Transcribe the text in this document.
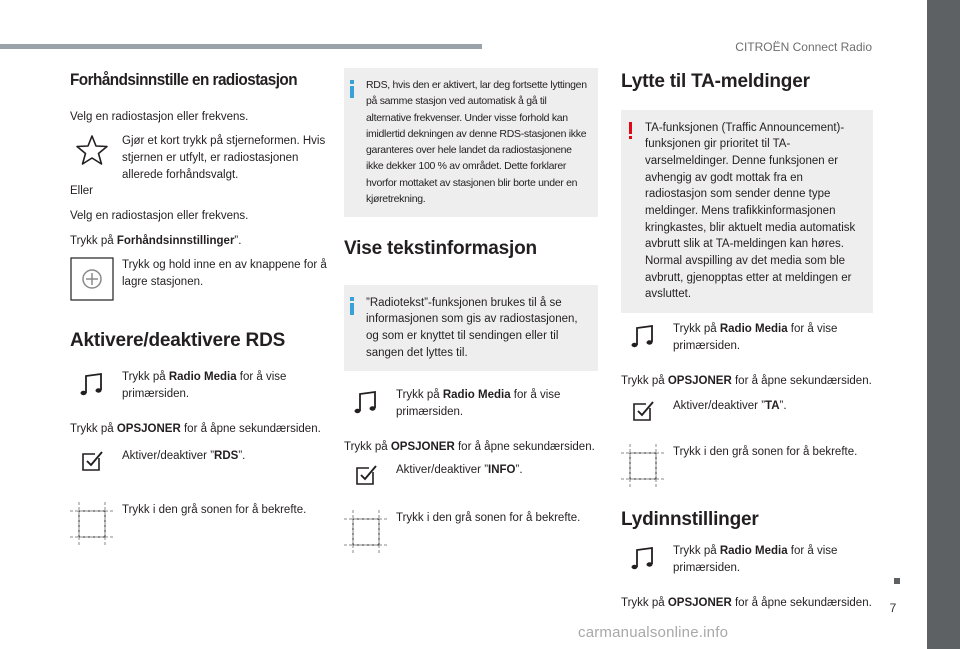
CITROËN Connect Radio
7
carmanualsonline.info
Forhåndsinnstille en radiostasjon
Velg en radiostasjon eller frekvens.
Gjør et kort trykk på stjerneformen. Hvis stjernen er utfylt, er radiostasjonen allerede forhåndsvalgt.
Eller
Velg en radiostasjon eller frekvens.
Trykk på Forhåndsinnstillinger”.
Trykk og hold inne en av knappene for å lagre stasjonen.
Aktivere/deaktivere RDS
Trykk på Radio Media for å vise primærsiden.
Trykk på OPSJONER for å åpne sekundærsiden.
Aktiver/deaktiver ”RDS”.
Trykk i den grå sonen for å bekrefte.
RDS, hvis den er aktivert, lar deg fortsette lyttingen på samme stasjon ved automatisk å gå til alternative frekvenser. Under visse forhold kan imidlertid dekningen av denne RDS-stasjonen ikke garanteres over hele landet da radiostasjonene ikke dekker 100 % av området. Dette forklarer hvorfor mottaket av stasjonen blir borte under en kjøretrekning.
Vise tekstinformasjon
”Radiotekst”-funksjonen brukes til å se informasjonen som gis av radiostasjonen, og som er knyttet til sendingen eller til sangen det lyttes til.
Trykk på Radio Media for å vise primærsiden.
Trykk på OPSJONER for å åpne sekundærsiden.
Aktiver/deaktiver ”INFO”.
Trykk i den grå sonen for å bekrefte.
Lytte til TA-meldinger
TA-funksjonen (Traffic Announcement)-funksjonen gir prioritet til TA-varselmeldinger. Denne funksjonen er avhengig av godt mottak fra en radiostasjon som sender denne type meldinger. Mens trafikkinformasjonen kringkastes, blir aktuelt media automatisk avbrutt slik at TA-meldingen kan høres. Normal avspilling av det media som ble avbrutt, gjenopptas etter at meldingen er avsluttet.
Trykk på Radio Media for å vise primærsiden.
Trykk på OPSJONER for å åpne sekundærsiden.
Aktiver/deaktiver ”TA”.
Trykk i den grå sonen for å bekrefte.
Lydinnstillinger
Trykk på Radio Media for å vise primærsiden.
Trykk på OPSJONER for å åpne sekundærsiden.
